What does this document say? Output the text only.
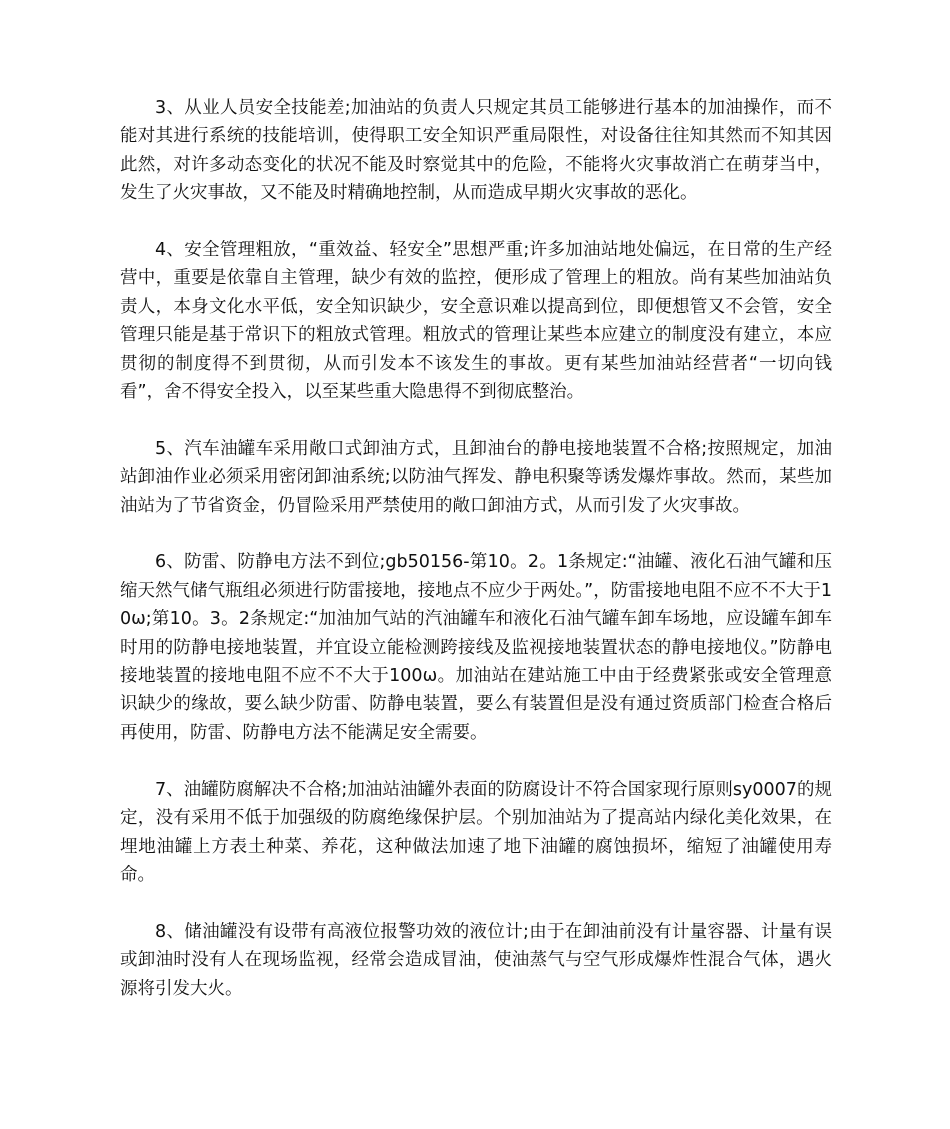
3、从业人员安全技能差;加油站的负责人只规定其员工能够进行基本的加油操作，而不能对其进行系统的技能培训，使得职工安全知识严重局限性，对设备往往知其然而不知其因此然，对许多动态变化的状况不能及时察觉其中的危险，不能将火灾事故消亡在萌芽当中，发生了火灾事故，又不能及时精确地控制，从而造成早期火灾事故的恶化。

4、安全管理粗放，“重效益、轻安全”思想严重;许多加油站地处偏远，在日常的生产经营中，重要是依靠自主管理，缺少有效的监控，便形成了管理上的粗放。尚有某些加油站负责人，本身文化水平低，安全知识缺少，安全意识难以提高到位，即便想管又不会管，安全管理只能是基于常识下的粗放式管理。粗放式的管理让某些本应建立的制度没有建立，本应贯彻的制度得不到贯彻，从而引发本不该发生的事故。更有某些加油站经营者“一切向钱看”，舍不得安全投入，以至某些重大隐患得不到彻底整治。

5、汽车油罐车采用敞口式卸油方式，且卸油台的静电接地装置不合格;按照规定，加油站卸油作业必须采用密闭卸油系统;以防油气挥发、静电积聚等诱发爆炸事故。然而，某些加油站为了节省资金，仍冒险采用严禁使用的敞口卸油方式，从而引发了火灾事故。

6、防雷、防静电方法不到位;gb50156-第10。2。1条规定:“油罐、液化石油气罐和压缩天然气储气瓶组必须进行防雷接地，接地点不应少于两处。”，防雷接地电阻不应不不大于10ω;第10。3。2条规定:“加油加气站的汽油罐车和液化石油气罐车卸车场地，应设罐车卸车时用的防静电接地装置，并宜设立能检测跨接线及监视接地装置状态的静电接地仪。”防静电接地装置的接地电阻不应不不大于100ω。加油站在建站施工中由于经费紧张或安全管理意识缺少的缘故，要么缺少防雷、防静电装置，要么有装置但是没有通过资质部门检查合格后再使用，防雷、防静电方法不能满足安全需要。

7、油罐防腐解决不合格;加油站油罐外表面的防腐设计不符合国家现行原则sy0007的规定，没有采用不低于加强级的防腐绝缘保护层。个别加油站为了提高站内绿化美化效果，在埋地油罐上方表土种菜、养花，这种做法加速了地下油罐的腐蚀损坏，缩短了油罐使用寿命。

8、储油罐没有设带有高液位报警功效的液位计;由于在卸油前没有计量容器、计量有误或卸油时没有人在现场监视，经常会造成冒油，使油蒸气与空气形成爆炸性混合气体，遇火源将引发大火。
